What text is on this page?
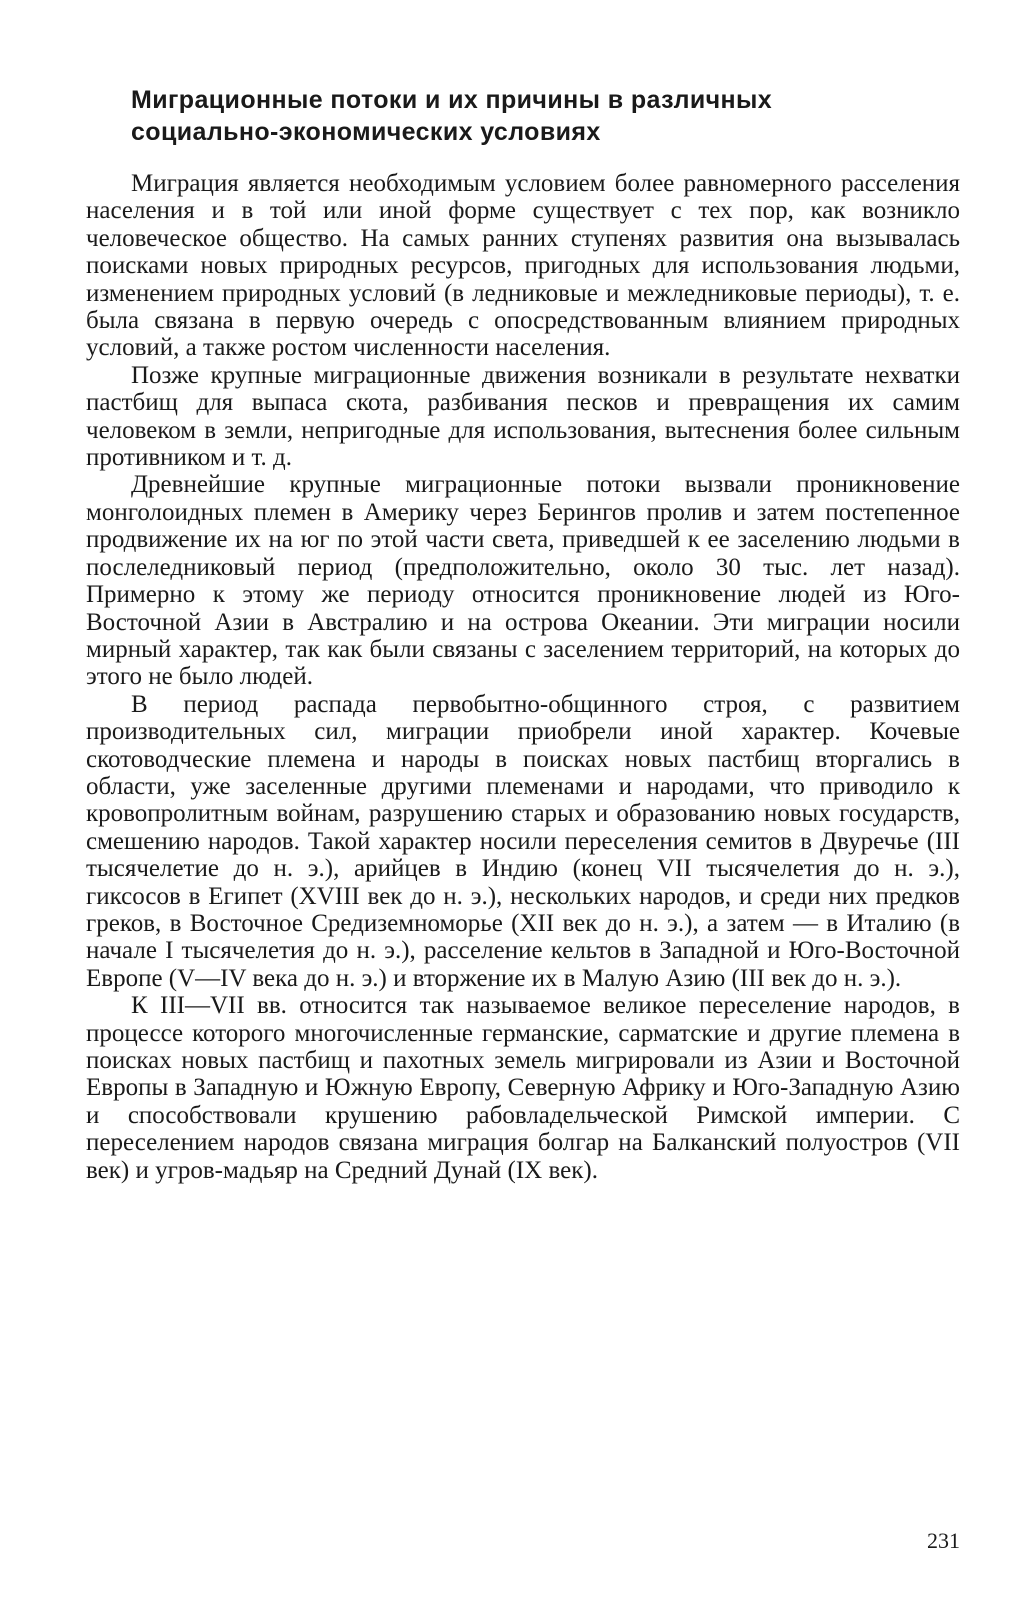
Миграционные потоки и их причины в различных
социально-экономических условиях

Миграция является необходимым условием более равномерного расселения населения и в той или иной форме существует с тех пор, как возникло человеческое общество. На самых ранних ступенях развития она вызывалась поисками новых природных ресурсов, пригодных для использования людьми, изменением природных условий (в ледниковые и межледниковые периоды), т. е. была связана в первую очередь с опосредствованным влиянием природных условий, а также ростом численности населения.

Позже крупные миграционные движения возникали в результате нехватки пастбищ для выпаса скота, разбивания песков и превращения их самим человеком в земли, непригодные для использования, вытеснения более сильным противником и т. д.

Древнейшие крупные миграционные потоки вызвали проникновение монголоидных племен в Америку через Берингов пролив и затем постепенное продвижение их на юг по этой части света, приведшей к ее заселению людьми в послеледниковый период (предположительно, около 30 тыс. лет назад). Примерно к этому же периоду относится проникновение людей из Юго-Восточной Азии в Австралию и на острова Океании. Эти миграции носили мирный характер, так как были связаны с заселением территорий, на которых до этого не было людей.

В период распада первобытно-общинного строя, с развитием производительных сил, миграции приобрели иной характер. Кочевые скотоводческие племена и народы в поисках новых пастбищ вторгались в области, уже заселенные другими племенами и народами, что приводило к кровопролитным войнам, разрушению старых и образованию новых государств, смешению народов. Такой характер носили переселения семитов в Двуречье (III тысячелетие до н. э.), арийцев в Индию (конец VII тысячелетия до н. э.), гиксосов в Египет (XVIII век до н. э.), нескольких народов, и среди них предков греков, в Восточное Средиземноморье (XII век до н. э.), а затем — в Италию (в начале I тысячелетия до н. э.), расселение кельтов в Западной и Юго-Восточной Европе (V—IV века до н. э.) и вторжение их в Малую Азию (III век до н. э.).

К III—VII вв. относится так называемое великое переселение народов, в процессе которого многочисленные германские, сарматские и другие племена в поисках новых пастбищ и пахотных земель мигрировали из Азии и Восточной Европы в Западную и Южную Европу, Северную Африку и Юго-Западную Азию и способствовали крушению рабовладельческой Римской империи. С переселением народов связана миграция болгар на Балканский полуостров (VII век) и угров-мадьяр на Средний Дунай (IX век).

231
